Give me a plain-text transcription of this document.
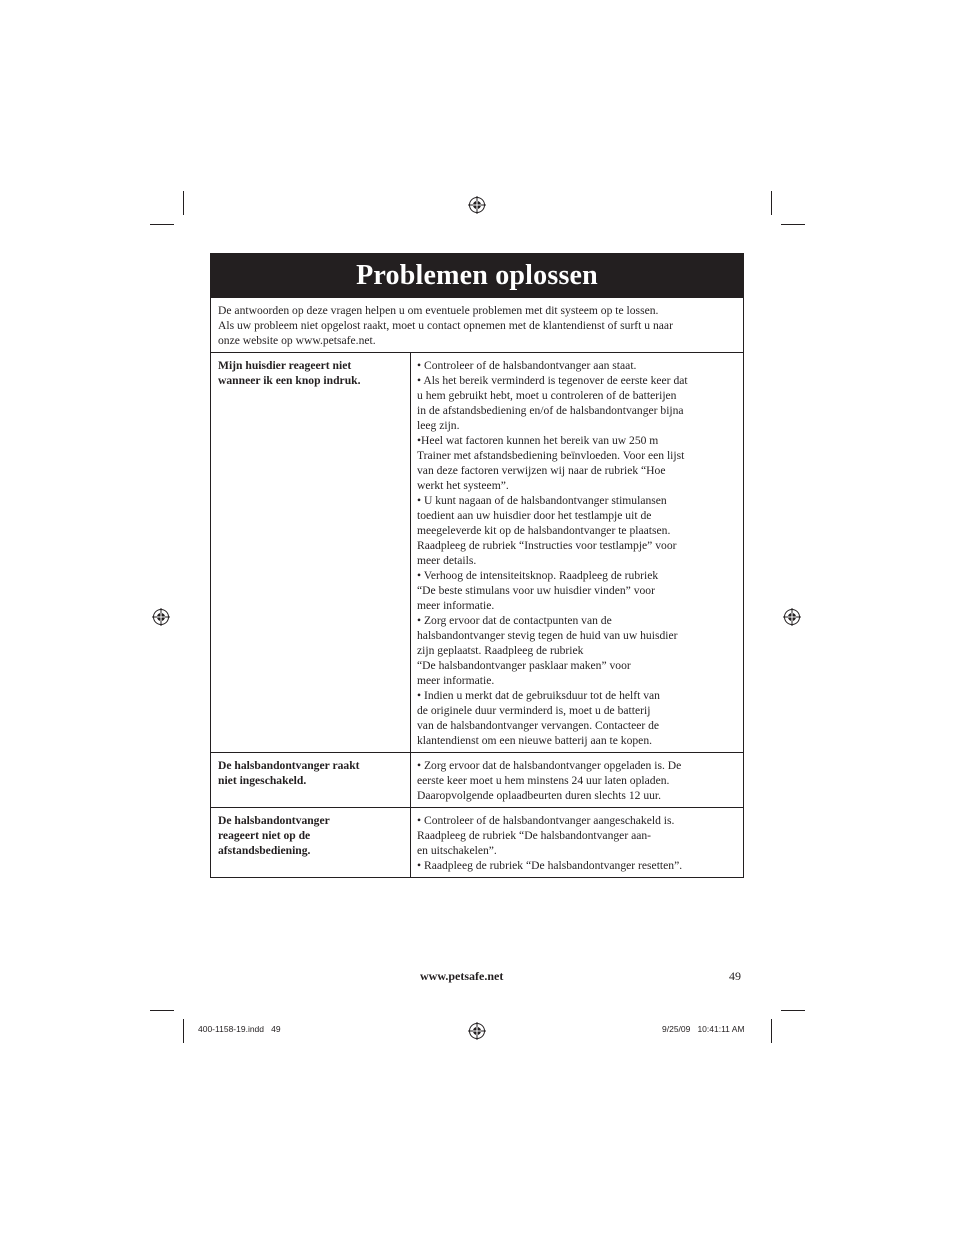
Problemen oplossen
De antwoorden op deze vragen helpen u om eventuele problemen met dit systeem op te lossen.
Als uw probleem niet opgelost raakt, moet u contact opnemen met de klantendienst of surft u naar
onze website op www.petsafe.net.
Mijn huisdier reageert niet
wanneer ik een knop indruk.
• Controleer of de halsbandontvanger aan staat.
• Als het bereik verminderd is tegenover de eerste keer dat
u hem gebruikt hebt, moet u controleren of de batterijen
in de afstandsbediening en/of de halsbandontvanger bijna
leeg zijn.
•Heel wat factoren kunnen het bereik van uw 250 m
Trainer met afstandsbediening beïnvloeden. Voor een lijst
van deze factoren verwijzen wij naar de rubriek “Hoe
werkt het systeem”.
• U kunt nagaan of de halsbandontvanger stimulansen
toedient aan uw huisdier door het testlampje uit de
meegeleverde kit op de halsbandontvanger te plaatsen.
Raadpleeg de rubriek “Instructies voor testlampje” voor
meer details.
• Verhoog de intensiteitsknop. Raadpleeg de rubriek
“De beste stimulans voor uw huisdier vinden” voor
meer informatie.
• Zorg ervoor dat de contactpunten van de
halsbandontvanger stevig tegen de huid van uw huisdier
zijn geplaatst. Raadpleeg de rubriek
“De halsbandontvanger pasklaar maken” voor
meer informatie.
• Indien u merkt dat de gebruiksduur tot de helft van
de originele duur verminderd is, moet u de batterij
van de halsbandontvanger vervangen. Contacteer de
klantendienst om een nieuwe batterij aan te kopen.
De halsbandontvanger raakt
niet ingeschakeld.
• Zorg ervoor dat de halsbandontvanger opgeladen is. De
eerste keer moet u hem minstens 24 uur laten opladen.
Daaropvolgende oplaadbeurten duren slechts 12 uur.
De halsbandontvanger
reageert niet op de
afstandsbediening.
• Controleer of de halsbandontvanger aangeschakeld is.
Raadpleeg de rubriek “De halsbandontvanger aan-
en uitschakelen”.
• Raadpleeg de rubriek “De halsbandontvanger resetten”.
www.petsafe.net	49
400-1158-19.indd   49	9/25/09   10:41:11 AM
